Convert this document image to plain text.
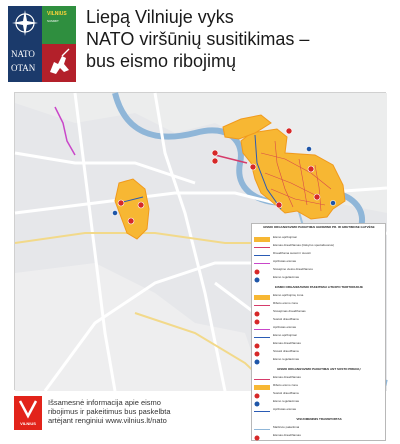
VILNIUS
SUMMIT
NATO
OTAN
Liepą Vilniuje vyks
NATO viršūnių susitikimas –
bus eismo ribojimų
EISMO ORGANIZAVIMO PAKEITIMAI GEDIMINO PR. IR GRETIMOSE GATVĖSE
Eismo apribojimai
Eismas draudžiamas (išskyrus specialiuosius)
Draudžiama sustoti ir stovėti
Apribotas eismas
Stovėjimo vietos draudžiamos
Eismo reguliavimas
EISMO ORGANIZAVIMO PAKEITIMAI LITEXPO TERITORIJOJE
Eismo apribojimų zona
Riboto eismo zona
Stovėjimas draudžiamas
Sustoti draudžiama
Apribotas eismas
Eismo apribojimai
Eismas draudžiamas
Stovėti draudžiama
Eismo reguliavimas
EISMO ORGANIZAVIMO PAKEITIMAI ANT SOSTO PRIEIGŲ
Eismas draudžiamas
Riboto eismo zona
Sustoti draudžiama
Eismo reguliavimas
Apribotas eismas
VISUOMENINIS TRANSPORTAS
Maršruto pakeitimai
Eismas draudžiamas
VILNIUS
Išsamesnė informacija apie eismo
ribojimus ir pakeitimus bus paskelbta
artėjant renginiui www.vilnius.lt/nato
